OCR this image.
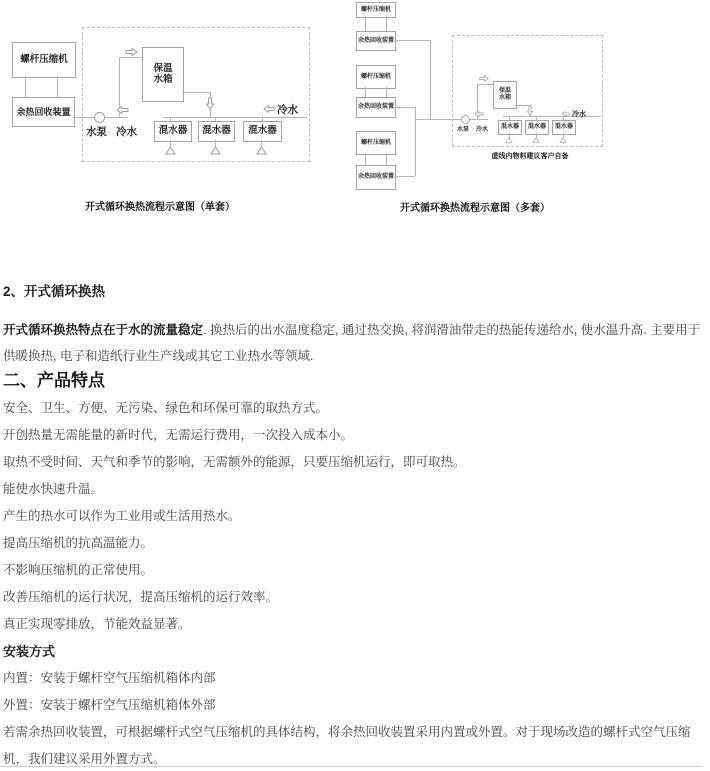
螺杆压缩机
余热回收装置
保温
水箱
水泵 冷水
冷水
混水器 混水器 混水器
开式循环换热流程示意图（单套）
螺杆压缩机
余热回收装置
螺杆压缩机
余热回收装置
螺杆压缩机
余热回收装置
保温
水箱
水泵 冷水
冷水
混水器 混水器 混水器
虚线内物料建议客户自备
开式循环换热流程示意图（多套）
2、开式循环换热

开式循环换热特点在于水的流量稳定. 换热后的出水温度稳定, 通过热交换, 将润滑油带走的热能传递给水, 使水温升高. 主要用于供暖换热, 电子和造纸行业生产线或其它工业热水等领域.

二、产品特点

安全、卫生、方便、无污染、绿色和环保可靠的取热方式。

开创热量无需能量的新时代，无需运行费用，一次投入成本小。

取热不受时间、天气和季节的影响，无需额外的能源，只要压缩机运行，即可取热。

能使水快速升温。

产生的热水可以作为工业用或生活用热水。

提高压缩机的抗高温能力。

不影响压缩机的正常使用。

改善压缩机的运行状况，提高压缩机的运行效率。

真正实现零排放，节能效益显著。

安装方式

内置：安装于螺杆空气压缩机箱体内部

外置：安装于螺杆空气压缩机箱体外部

若需余热回收装置，可根据螺杆式空气压缩机的具体结构，将余热回收装置采用内置或外置。对于现场改造的螺杆式空气压缩机，我们建议采用外置方式。
